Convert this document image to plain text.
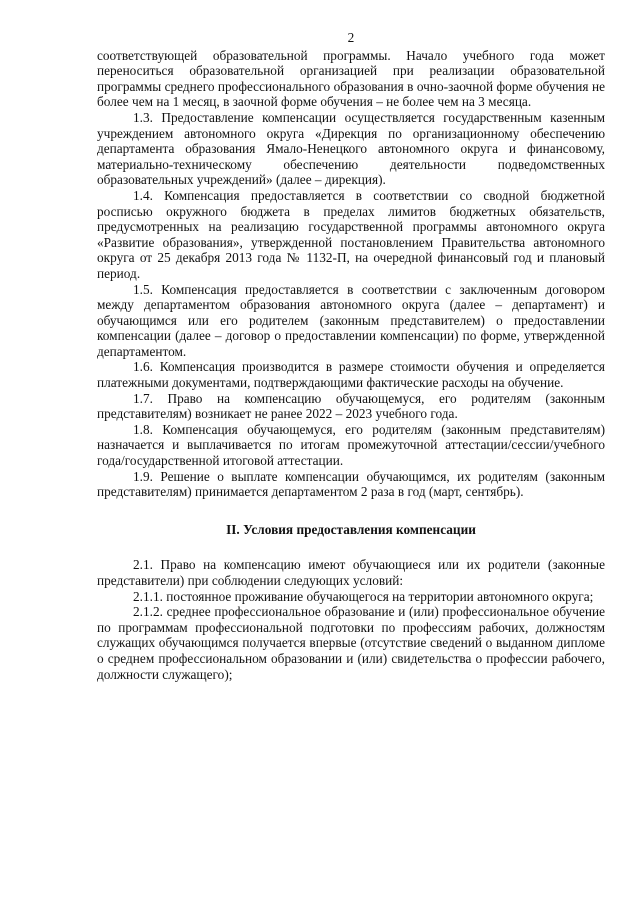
2

соответствующей образовательной программы. Начало учебного года может переноситься образовательной организацией при реализации образовательной программы среднего профессионального образования в очно-заочной форме обучения не более чем на 1 месяц, в заочной форме обучения – не более чем на 3 месяца.

1.3. Предоставление компенсации осуществляется государственным казенным учреждением автономного округа «Дирекция по организационному обеспечению департамента образования Ямало-Ненецкого автономного округа и финансовому, материально-техническому обеспечению деятельности подведомственных образовательных учреждений» (далее – дирекция).

1.4. Компенсация предоставляется в соответствии со сводной бюджетной росписью окружного бюджета в пределах лимитов бюджетных обязательств, предусмотренных на реализацию государственной программы автономного округа «Развитие образования», утвержденной постановлением Правительства автономного округа от 25 декабря 2013 года № 1132-П, на очередной финансовый год и плановый период.

1.5. Компенсация предоставляется в соответствии с заключенным договором между департаментом образования автономного округа (далее – департамент) и обучающимся или его родителем (законным представителем) о предоставлении компенсации (далее – договор о предоставлении компенсации) по форме, утвержденной департаментом.

1.6. Компенсация производится в размере стоимости обучения и определяется платежными документами, подтверждающими фактические расходы на обучение.

1.7. Право на компенсацию обучающемуся, его родителям (законным представителям) возникает не ранее 2022 – 2023 учебного года.

1.8. Компенсация обучающемуся, его родителям (законным представителям) назначается и выплачивается по итогам промежуточной аттестации/сессии/учебного года/государственной итоговой аттестации.

1.9. Решение о выплате компенсации обучающимся, их родителям (законным представителям) принимается департаментом 2 раза в год (март, сентябрь).

II. Условия предоставления компенсации

2.1. Право на компенсацию имеют обучающиеся или их родители (законные представители) при соблюдении следующих условий:

2.1.1. постоянное проживание обучающегося на территории автономного округа;

2.1.2. среднее профессиональное образование и (или) профессиональное обучение по программам профессиональной подготовки по профессиям рабочих, должностям служащих обучающимся получается впервые (отсутствие сведений о выданном дипломе о среднем профессиональном образовании и (или) свидетельства о профессии рабочего, должности служащего);
